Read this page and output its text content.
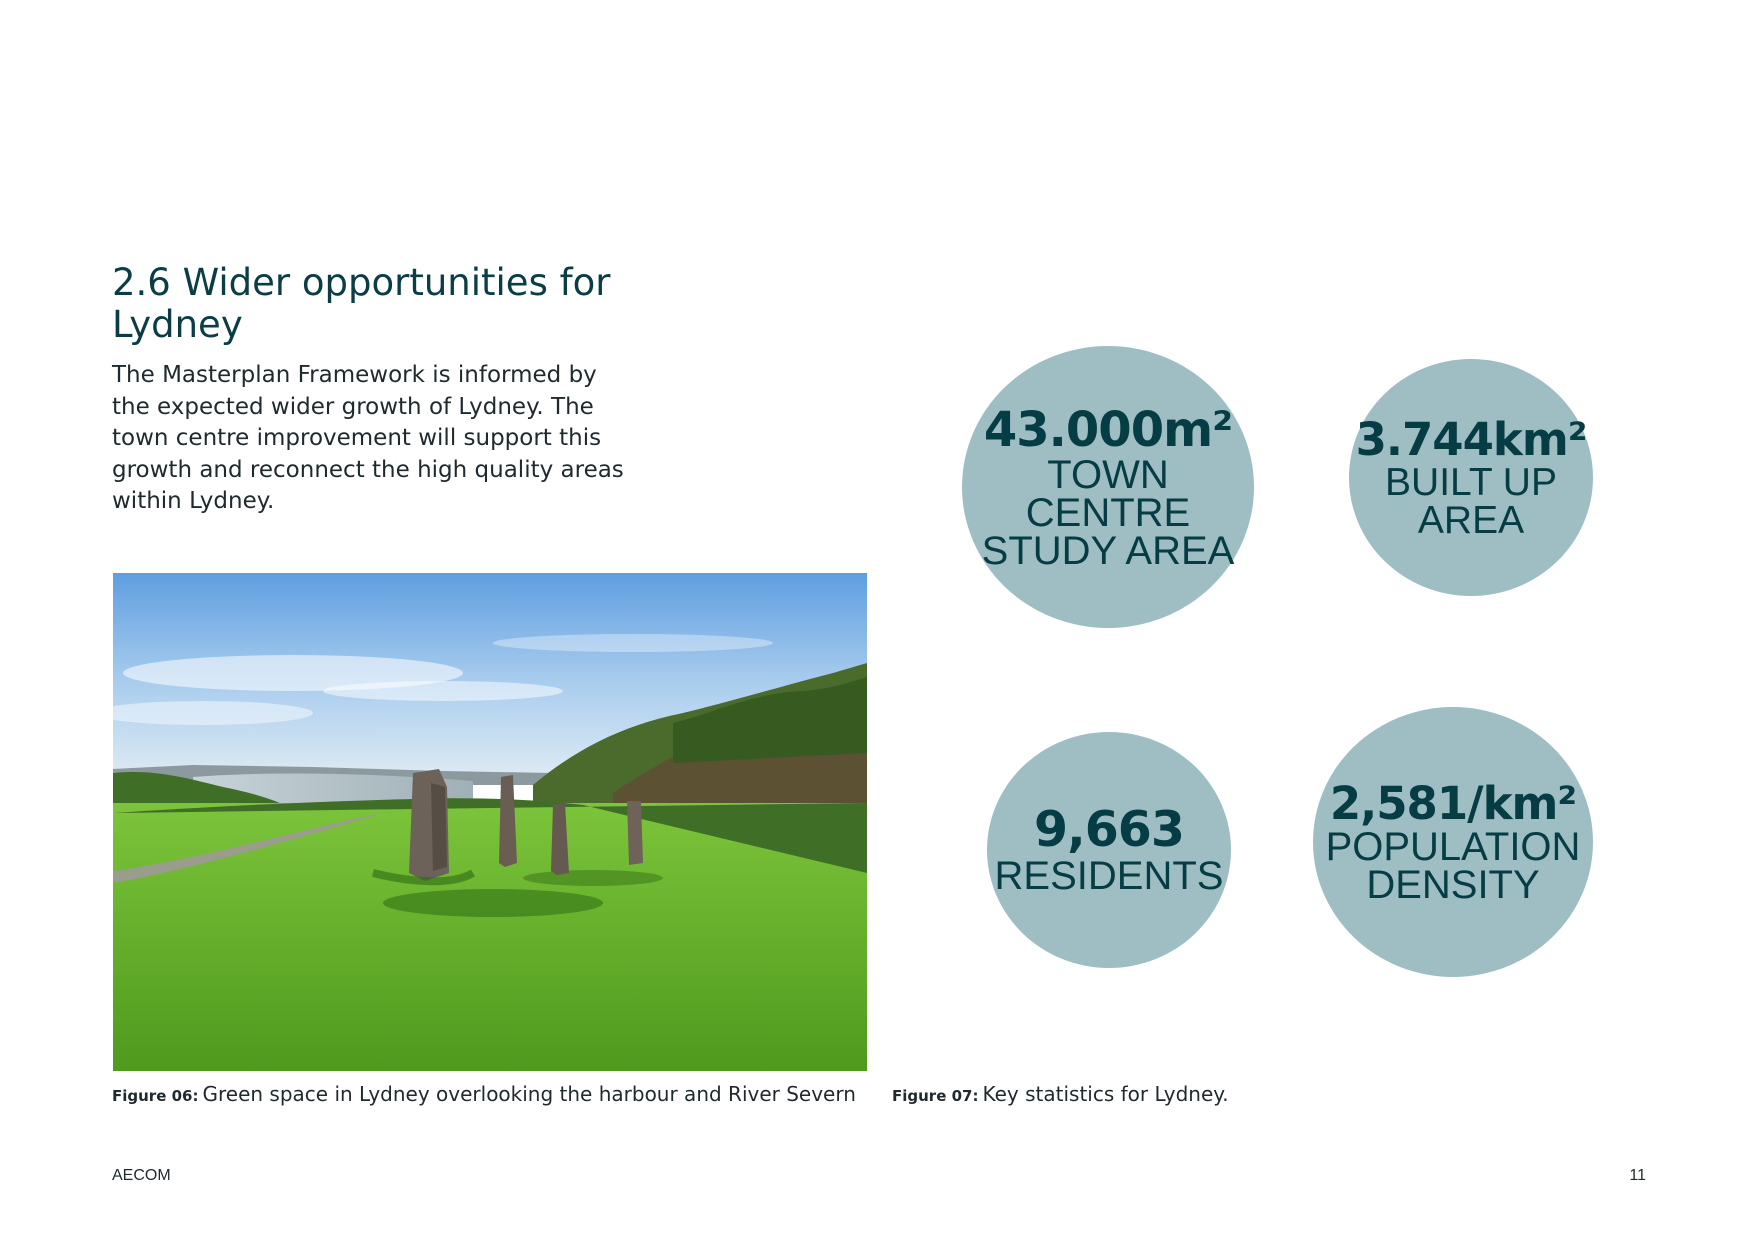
2.6 Wider opportunities for Lydney

The Masterplan Framework is informed by the expected wider growth of Lydney. The town centre improvement will support this growth and reconnect the high quality areas within Lydney.

Figure 06: Green space in Lydney overlooking the harbour and River Severn
43.000m²
TOWN CENTRE
STUDY AREA
3.744km²
BUILT UP
AREA
9,663
RESIDENTS
2,581/km²
POPULATION
DENSITY
Figure 07: Key statistics for Lydney.
AECOM	11
